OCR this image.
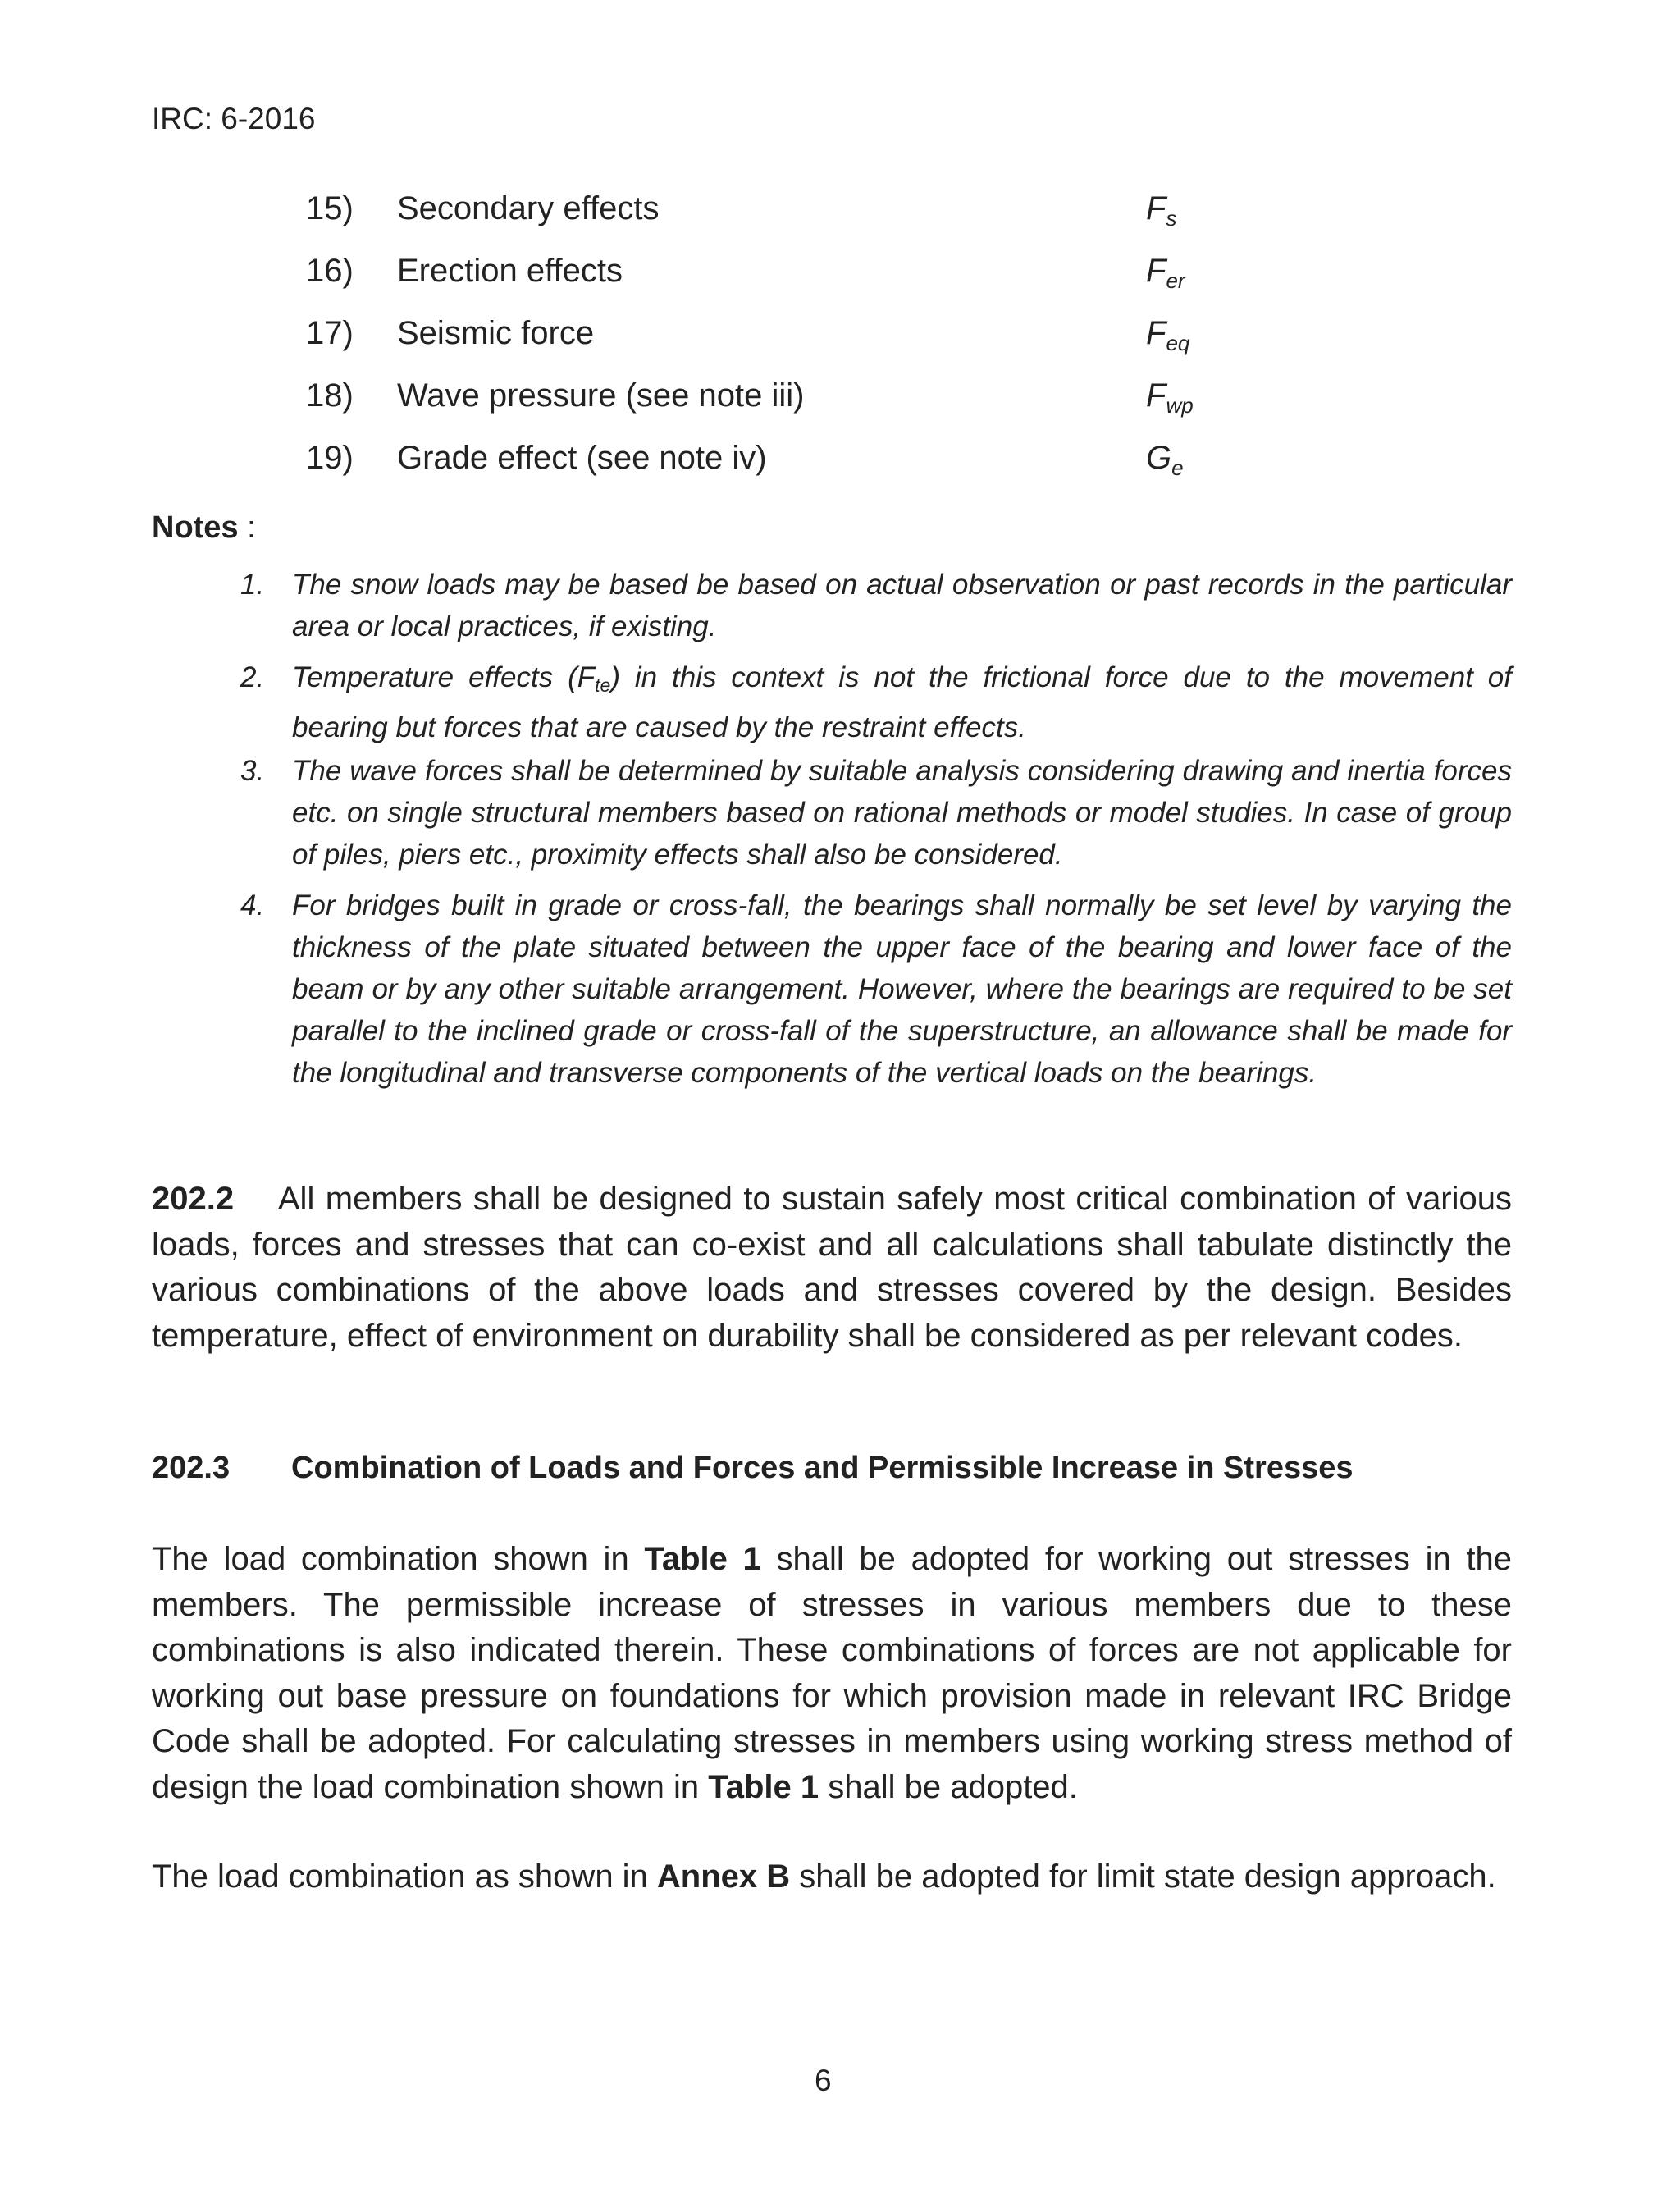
IRC: 6-2016
15) Secondary effects	$F_s$
16) Erection effects	$F_{er}$
17) Seismic force	$F_{eq}$
18) Wave pressure (see note iii)	$F_{wp}$
19) Grade effect (see note iv)	$G_e$
Notes :
1. The snow loads may be based be based on actual observation or past records in the particular area or local practices, if existing.
2. Temperature effects $(F_{te})$ in this context is not the frictional force due to the movement of bearing but forces that are caused by the restraint effects.
3. The wave forces shall be determined by suitable analysis considering drawing and inertia forces etc. on single structural members based on rational methods or model studies. In case of group of piles, piers etc., proximity effects shall also be considered.
4. For bridges built in grade or cross-fall, the bearings shall normally be set level by varying the thickness of the plate situated between the upper face of the bearing and lower face of the beam or by any other suitable arrangement. However, where the bearings are required to be set parallel to the inclined grade or cross-fall of the superstructure, an allowance shall be made for the longitudinal and transverse components of the vertical loads on the bearings.
202.2 All members shall be designed to sustain safely most critical combination of various loads, forces and stresses that can co-exist and all calculations shall tabulate distinctly the various combinations of the above loads and stresses covered by the design. Besides temperature, effect of environment on durability shall be considered as per relevant codes.
202.3 Combination of Loads and Forces and Permissible Increase in Stresses
The load combination shown in Table 1 shall be adopted for working out stresses in the members. The permissible increase of stresses in various members due to these combinations is also indicated therein. These combinations of forces are not applicable for working out base pressure on foundations for which provision made in relevant IRC Bridge Code shall be adopted. For calculating stresses in members using working stress method of design the load combination shown in Table 1 shall be adopted.
The load combination as shown in Annex B shall be adopted for limit state design approach.
6
